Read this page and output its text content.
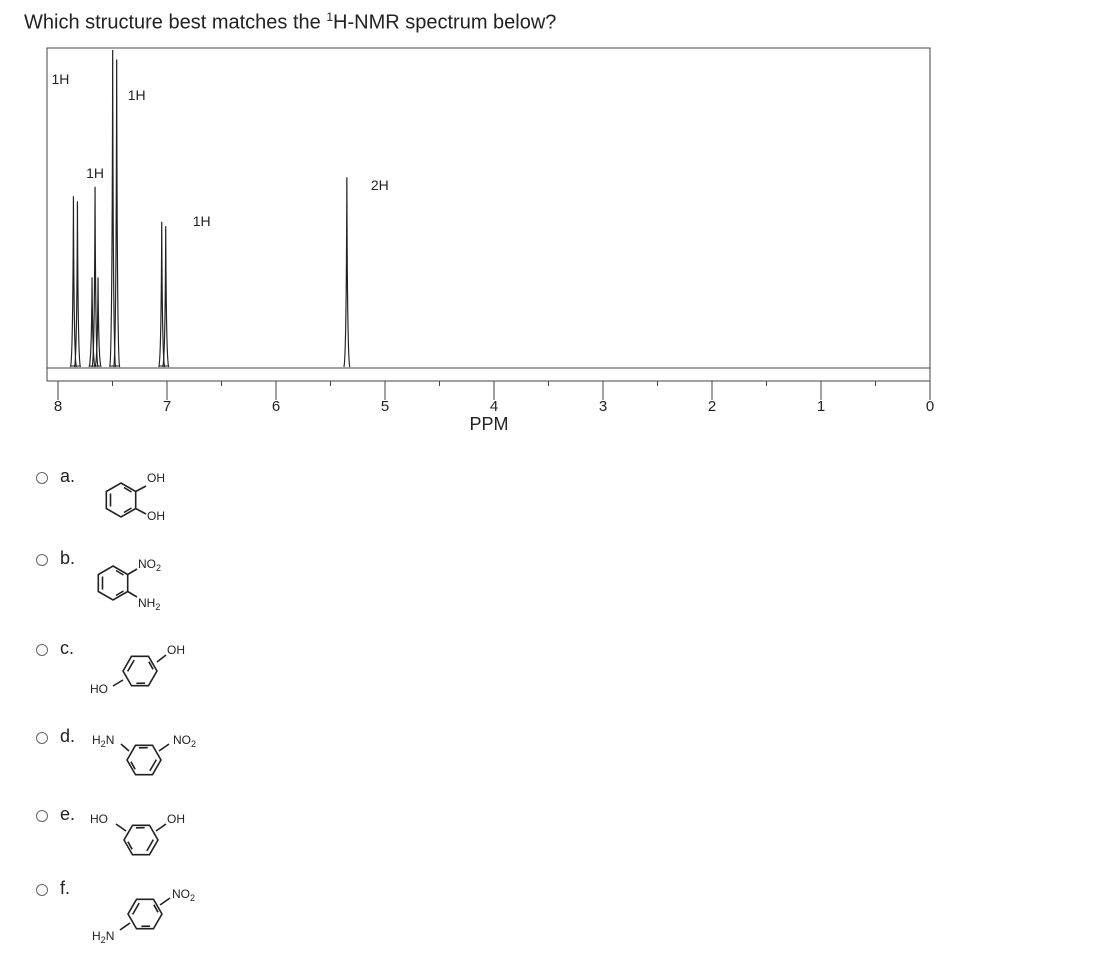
Which structure best matches the $^1$H-NMR spectrum below?
8	7	6	5	4	3	2	1	0
PPM
1H
1H
1H
1H
2H
a.	OH
OH
b.	$NO_2$
$NH_2$
c.	OH
HO
d. $H_2N$	$NO_2$
e. HO	OH
f.	$NO_2$
$H_2N$
